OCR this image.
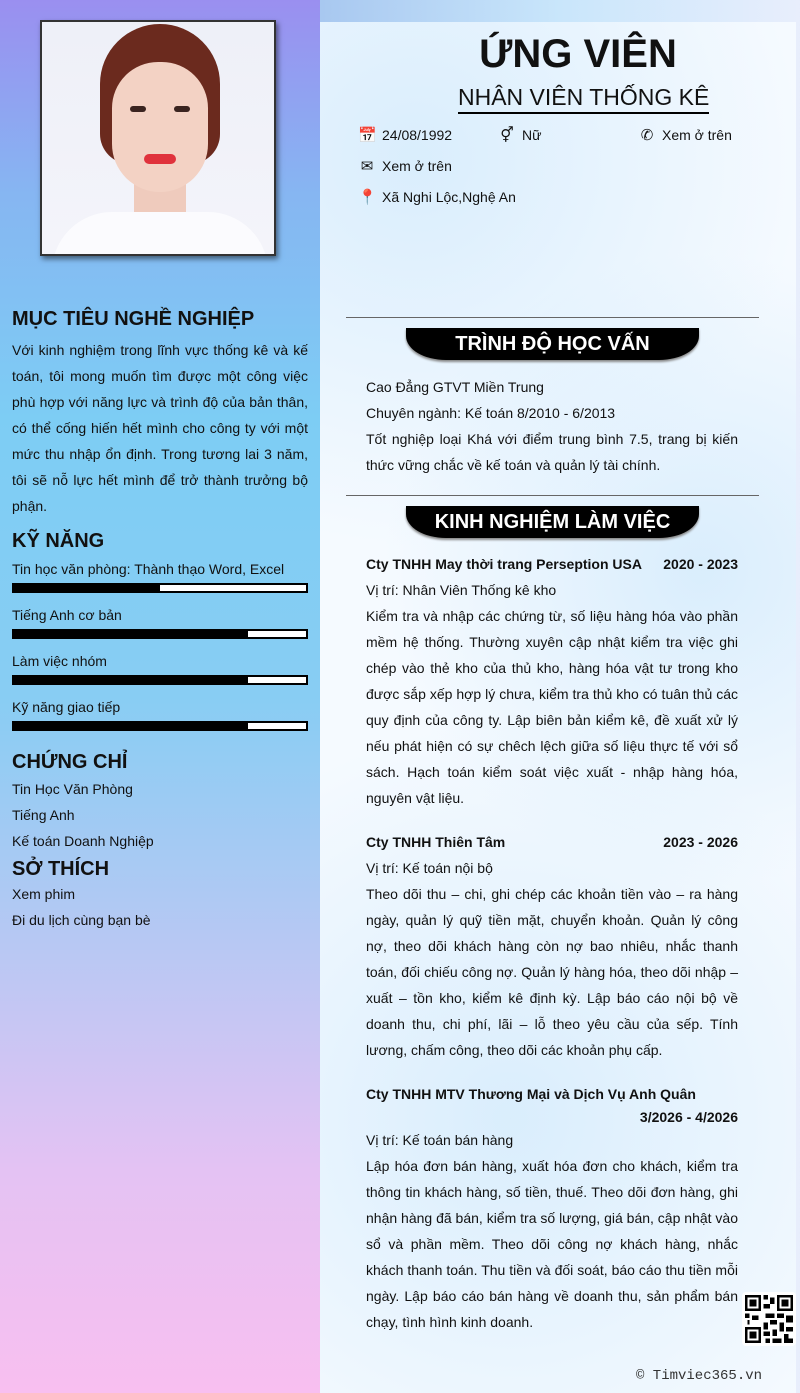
MỤC TIÊU NGHỀ NGHIỆP
Với kinh nghiệm trong lĩnh vực thống kê và kế toán, tôi mong muốn tìm được một công việc phù hợp với năng lực và trình độ của bản thân, có thể cống hiến hết mình cho công ty với một mức thu nhập ổn định. Trong tương lai 3 năm, tôi sẽ nỗ lực hết mình để trở thành trưởng bộ phận.
KỸ NĂNG
Tin học văn phòng: Thành thạo Word, Excel
Tiếng Anh cơ bản
Làm việc nhóm
Kỹ năng giao tiếp
CHỨNG CHỈ
Tin Học Văn Phòng
Tiếng Anh
Kế toán Doanh Nghiệp
SỞ THÍCH
Xem phim
Đi du lịch cùng bạn bè
ỨNG VIÊN
NHÂN VIÊN THỐNG KÊ
📅 24/08/1992	⚥ Nữ	✆ Xem ở trên
✉ Xem ở trên
📍 Xã Nghi Lộc,Nghệ An
TRÌNH ĐỘ HỌC VẤN
Cao Đẳng GTVT Miền Trung
Chuyên ngành: Kế toán 8/2010 - 6/2013
Tốt nghiệp loại Khá với điểm trung bình 7.5, trang bị kiến thức vững chắc về kế toán và quản lý tài chính.
KINH NGHIỆM LÀM VIỆC
Cty TNHH May thời trang Perseption USA 2020 - 2023
Vị trí: Nhân Viên Thống kê kho
Kiểm tra và nhập các chứng từ, số liệu hàng hóa vào phần mềm hệ thống. Thường xuyên cập nhật kiểm tra việc ghi chép vào thẻ kho của thủ kho, hàng hóa vật tư trong kho được sắp xếp hợp lý chưa, kiểm tra thủ kho có tuân thủ các quy định của công ty. Lập biên bản kiểm kê, đề xuất xử lý nếu phát hiện có sự chêch lệch giữa số liệu thực tế với sổ sách. Hạch toán kiểm soát việc xuất - nhập hàng hóa, nguyên vật liệu.
Cty TNHH Thiên Tâm	2023 - 2026
Vị trí: Kế toán nội bộ
Theo dõi thu – chi, ghi chép các khoản tiền vào – ra hàng ngày, quản lý quỹ tiền mặt, chuyển khoản. Quản lý công nợ, theo dõi khách hàng còn nợ bao nhiêu, nhắc thanh toán, đối chiếu công nợ. Quản lý hàng hóa, theo dõi nhập – xuất – tồn kho, kiểm kê định kỳ. Lập báo cáo nội bộ về doanh thu, chi phí, lãi – lỗ theo yêu cầu của sếp. Tính lương, chấm công, theo dõi các khoản phụ cấp.
Cty TNHH MTV Thương Mại và Dịch Vụ Anh Quân
3/2026 - 4/2026
Vị trí: Kế toán bán hàng
Lập hóa đơn bán hàng, xuất hóa đơn cho khách, kiểm tra thông tin khách hàng, số tiền, thuế. Theo dõi đơn hàng, ghi nhận hàng đã bán, kiểm tra số lượng, giá bán, cập nhật vào sổ và phần mềm. Theo dõi công nợ khách hàng, nhắc khách thanh toán. Thu tiền và đối soát, báo cáo thu tiền mỗi ngày. Lập báo cáo bán hàng về doanh thu, sản phẩm bán chạy, tình hình kinh doanh.
© Timviec365.vn
